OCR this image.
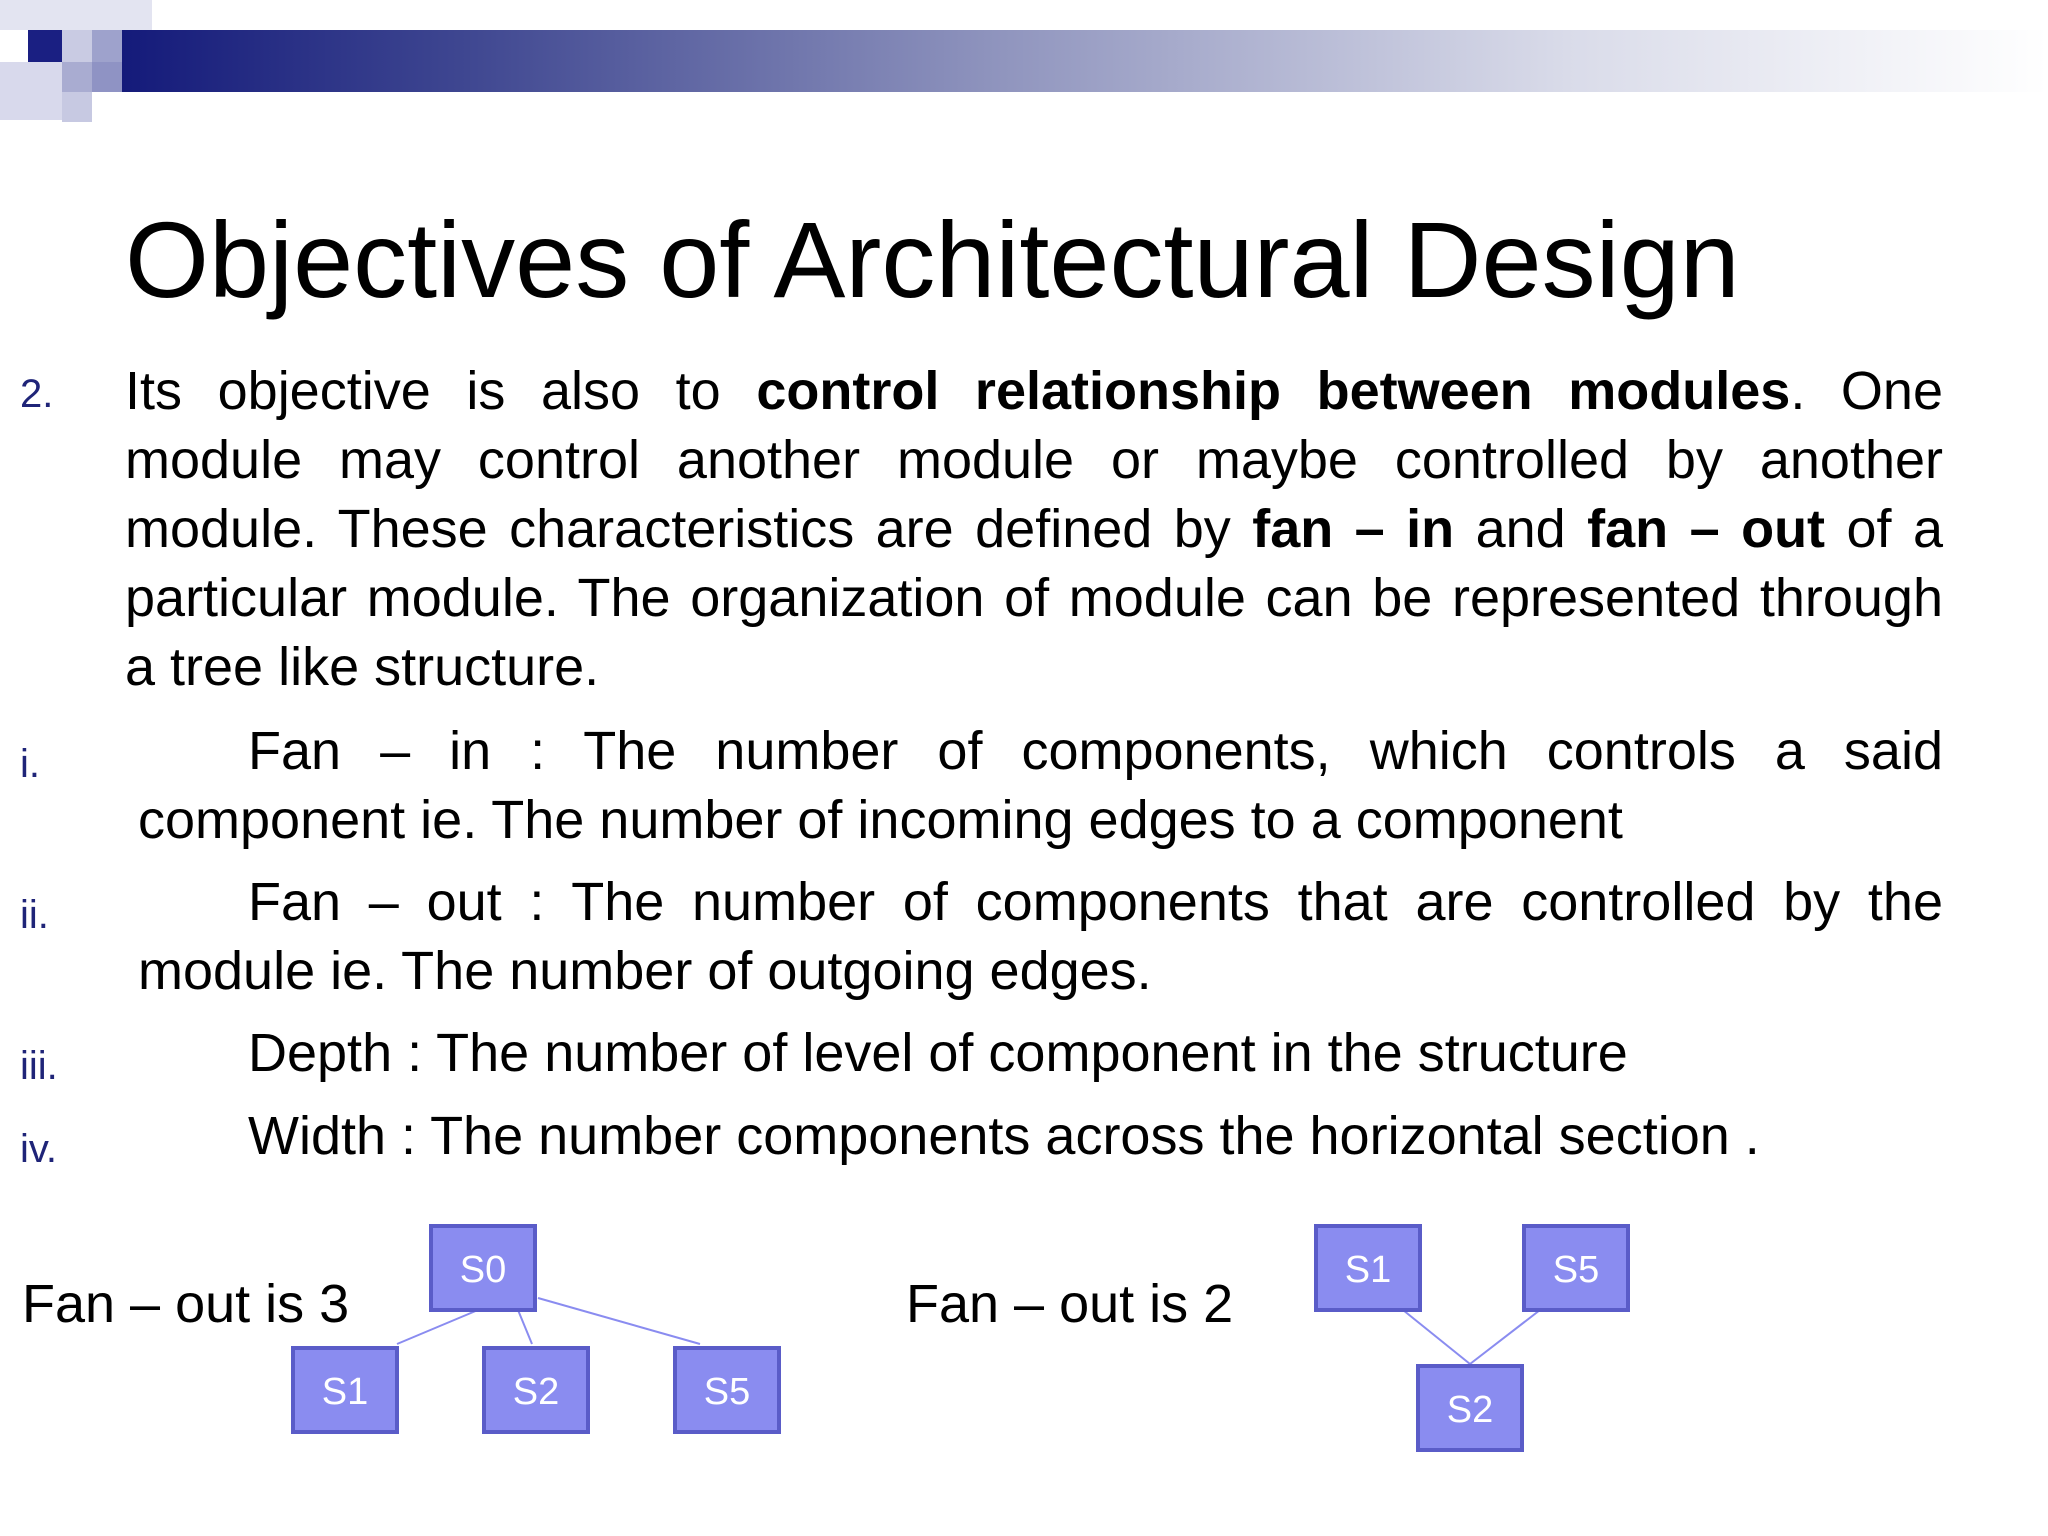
Objectives of Architectural Design
2. Its objective is also to control relationship between modules. One module may control another module or maybe controlled by another module. These characteristics are defined by fan – in and fan – out of a particular module. The organization of module can be represented through a tree like structure.
i.	Fan – in : The number of components, which controls a said component ie. The number of incoming edges to a component
ii.	Fan – out : The number of components that are controlled by the module ie. The number of outgoing edges.
iii.	Depth : The number of level of component in the structure
iv.	Width : The number components across the horizontal section .
Fan – out is 3	Fan – out is 2
S0
S1	S2	S5
S1	S5
S2
